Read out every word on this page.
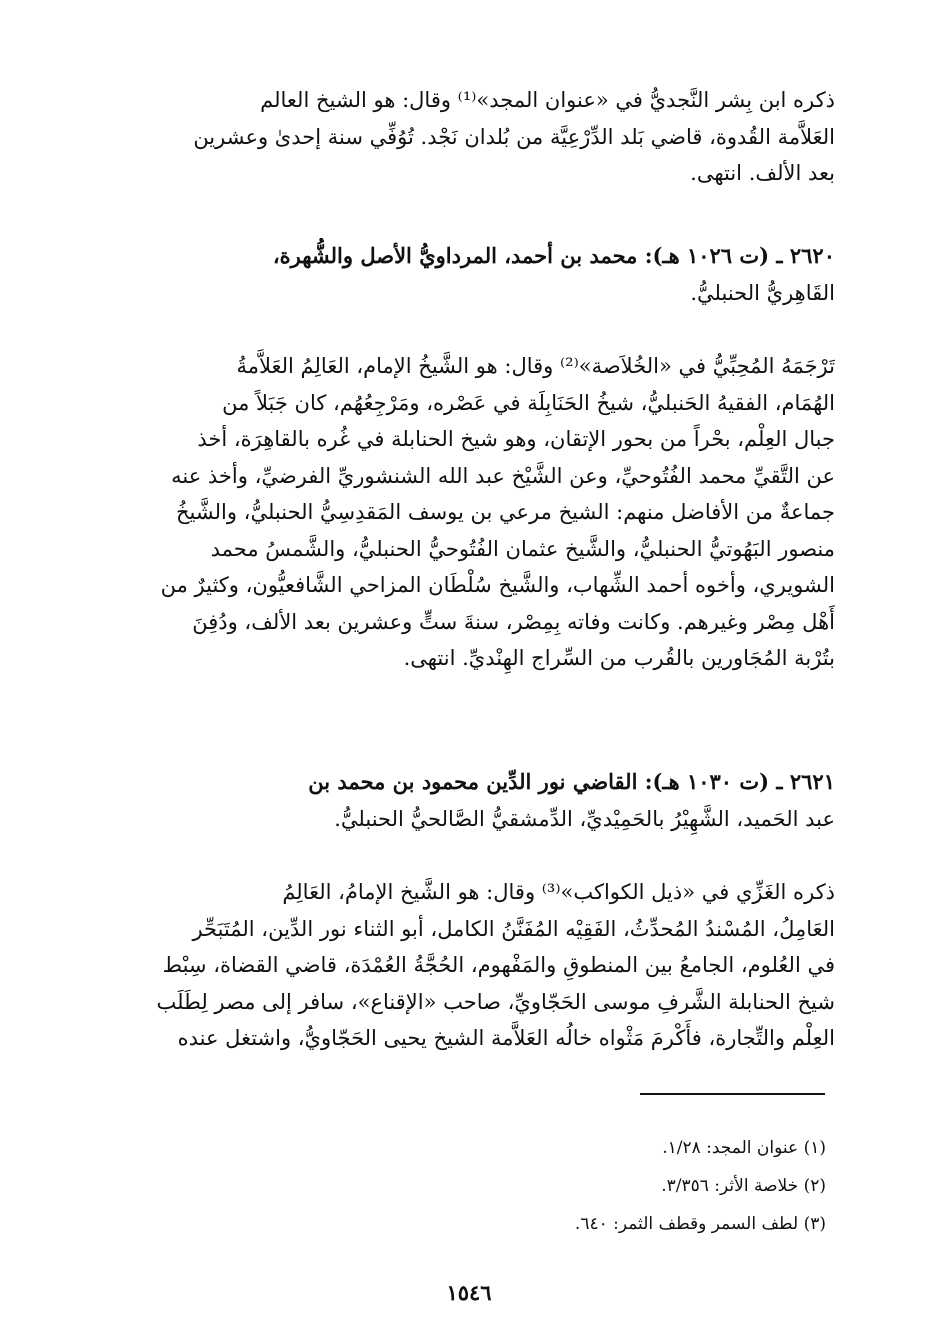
ذكره ابن بِشر النَّجديُّ في «عنوان المجد»⁽¹⁾ وقال: هو الشيخ العالم
العَلاَّمة القُدوة، قاضي بَلد الدِّرْعِيَّة من بُلدان نَجْد. تُوُفِّي سنة إحدىٰ وعشرين
بعد الألف. انتهى.
٢٦٢٠ ـ (ت ١٠٢٦ هـ): محمد بن أحمد، المرداويُّ الأصل والشُّهرة،
القَاهِريُّ الحنبليُّ.
تَرْجَمَهُ المُحِبِّيُّ في «الخُلاَصة»⁽²⁾ وقال: هو الشَّيخُ الإمام، العَالِمُ العَلاَّمةُ
الهُمَام، الفقيهُ الحَنبليُّ، شيخُ الحَنَابِلَة في عَصْره، ومَرْجِعُهُم، كان جَبَلاً من
جبال العِلْم، بحْراً من بحور الإتقان، وهو شيخ الحنابلة في غُره بالقاهِرَة، أخذ
عن التَّقيِّ محمد الفُتُوحيِّ، وعن الشَّيْخ عبد الله الشنشوريِّ الفرضيِّ، وأخذ عنه
جماعةٌ من الأفاضل منهم: الشيخ مرعي بن يوسف المَقدِسِيُّ الحنبليُّ، والشَّيخُ
منصور البَهُوتيُّ الحنبليُّ، والشَّيخ عثمان الفُتُوحيُّ الحنبليُّ، والشَّمسُ محمد
الشويري، وأخوه أحمد الشِّهاب، والشَّيخ سُلْطَان المزاحي الشَّافعيُّون، وكثيرٌ من
أَهْل مِصْر وغيرهم. وكانت وفاته بِمِصْر، سنةَ ستٍّ وعشرين بعد الألف، ودُفِنَ
بتُرْبة المُجَاورين بالقُرب من السِّراج الهِنْديِّ. انتهى.
٢٦٢١ ـ (ت ١٠٣٠ هـ): القاضي نور الدِّين محمود بن محمد بن
عبد الحَميد، الشَّهِيْرُ بالحَمِيْديِّ، الدِّمشقيُّ الصَّالحيُّ الحنبليُّ.
ذكره الغَزِّي في «ذيل الكواكب»⁽³⁾ وقال: هو الشَّيخ الإمامُ، العَالِمُ
العَامِلُ، المُسْندُ المُحدِّثُ، الفَقِيْه المُفَنَّنُ الكامل، أبو الثناء نور الدِّين، المُتَبَحِّر
في العُلوم، الجامعُ بين المنطوقِ والمَفْهوم، الحُجَّةُ العُمْدَة، قاضي القضاة، سِبْط
شيخ الحنابلة الشَّرفِ موسى الحَجّاويِّ، صاحب «الإقناع»، سافر إلى مصر لِطَلَب
العِلْم والتِّجارة، فأَكْرمَ مَثْواه خالُه العَلاَّمة الشيخ يحيى الحَجّاويُّ، واشتغل عنده
(١) عنوان المجد: ١/٢٨.
(٢) خلاصة الأثر: ٣/٣٥٦.
(٣) لطف السمر وقطف الثمر: ٦٤٠.
١٥٤٦
